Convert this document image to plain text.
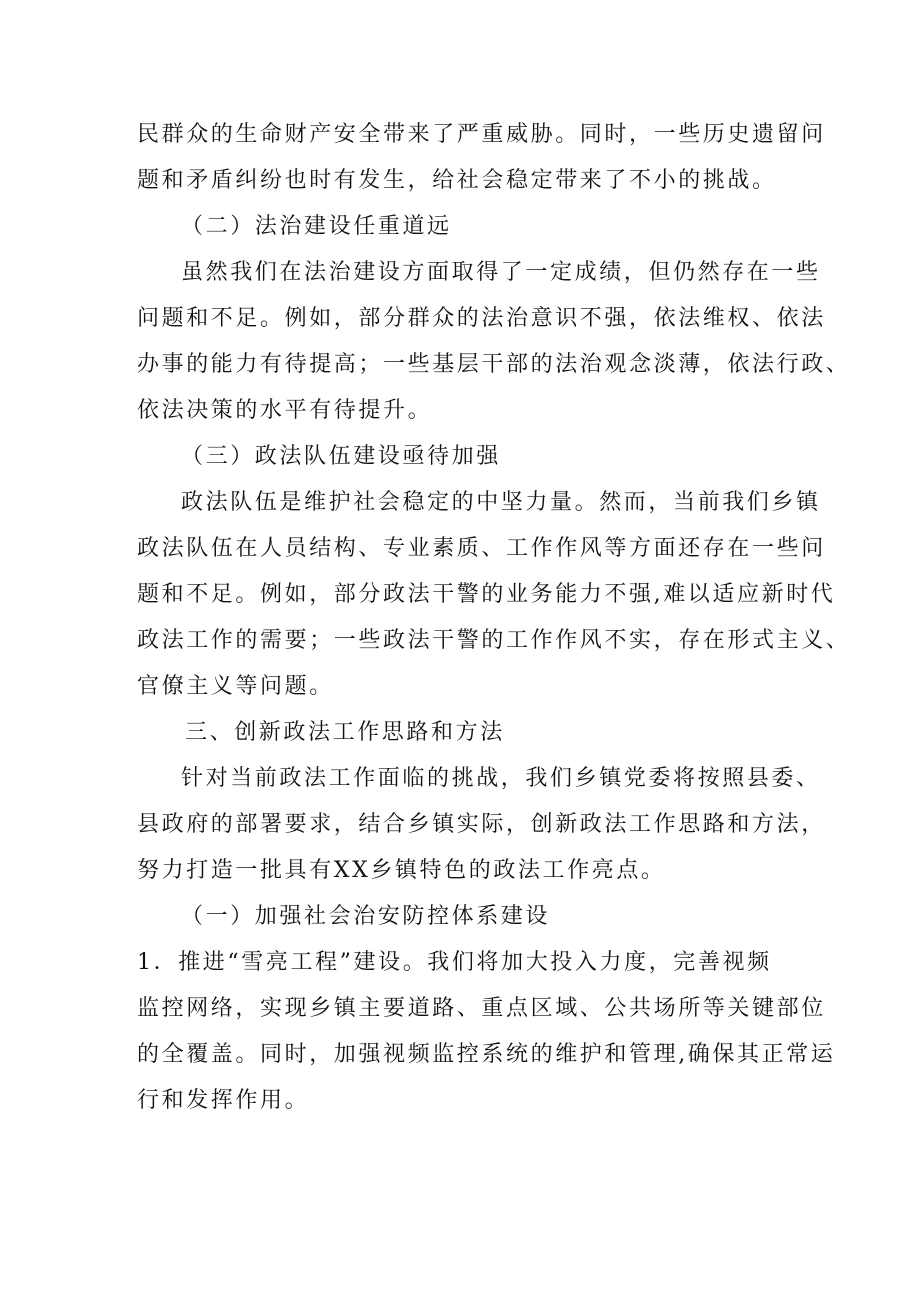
民群众的生命财产安全带来了严重威胁。同时，一些历史遗留问
题和矛盾纠纷也时有发生，给社会稳定带来了不小的挑战。
（二）法治建设任重道远
虽然我们在法治建设方面取得了一定成绩，但仍然存在一些
问题和不足。例如，部分群众的法治意识不强，依法维权、依法
办事的能力有待提高；一些基层干部的法治观念淡薄，依法行政、
依法决策的水平有待提升。
（三）政法队伍建设亟待加强
政法队伍是维护社会稳定的中坚力量。然而，当前我们乡镇
政法队伍在人员结构、专业素质、工作作风等方面还存在一些问
题和不足。例如，部分政法干警的业务能力不强,难以适应新时代
政法工作的需要；一些政法干警的工作作风不实，存在形式主义、
官僚主义等问题。
三、创新政法工作思路和方法
针对当前政法工作面临的挑战，我们乡镇党委将按照县委、
县政府的部署要求，结合乡镇实际，创新政法工作思路和方法，
努力打造一批具有XX乡镇特色的政法工作亮点。
（一）加强社会治安防控体系建设
1．推进“雪亮工程”建设。我们将加大投入力度，完善视频
监控网络，实现乡镇主要道路、重点区域、公共场所等关键部位
的全覆盖。同时，加强视频监控系统的维护和管理,确保其正常运
行和发挥作用。
